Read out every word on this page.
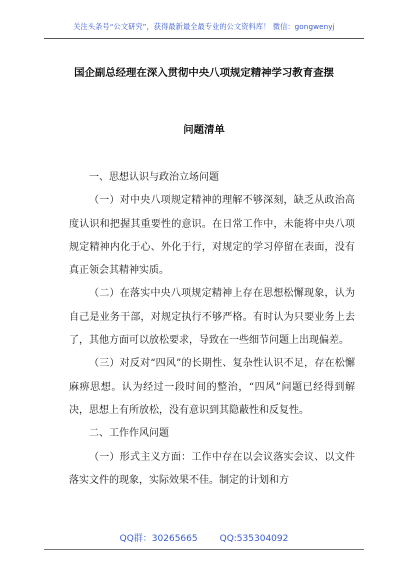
关注头条号“公文研究”，获得最新最全最专业的公文资料库！ 微信：gongwenyj
国企副总经理在深入贯彻中央八项规定精神学习教育查摆
问题清单

一、思想认识与政治立场问题

（一）对中央八项规定精神的理解不够深刻，缺乏从政治高度认识和把握其重要性的意识。在日常工作中，未能将中央八项规定精神内化于心、外化于行，对规定的学习停留在表面，没有真正领会其精神实质。

（二）在落实中央八项规定精神上存在思想松懈现象，认为自己是业务干部，对规定执行不够严格。有时认为只要业务上去了，其他方面可以放松要求，导致在一些细节问题上出现偏差。

（三）对反对“四风”的长期性、复杂性认识不足，存在松懈麻痹思想。认为经过一段时间的整治，“四风”问题已经得到解决，思想上有所放松，没有意识到其隐蔽性和反复性。

二、工作作风问题

（一）形式主义方面：工作中存在以会议落实会议、以文件落实文件的现象，实际效果不佳。制定的计划和方

QQ群：30265665 QQ:535304092
